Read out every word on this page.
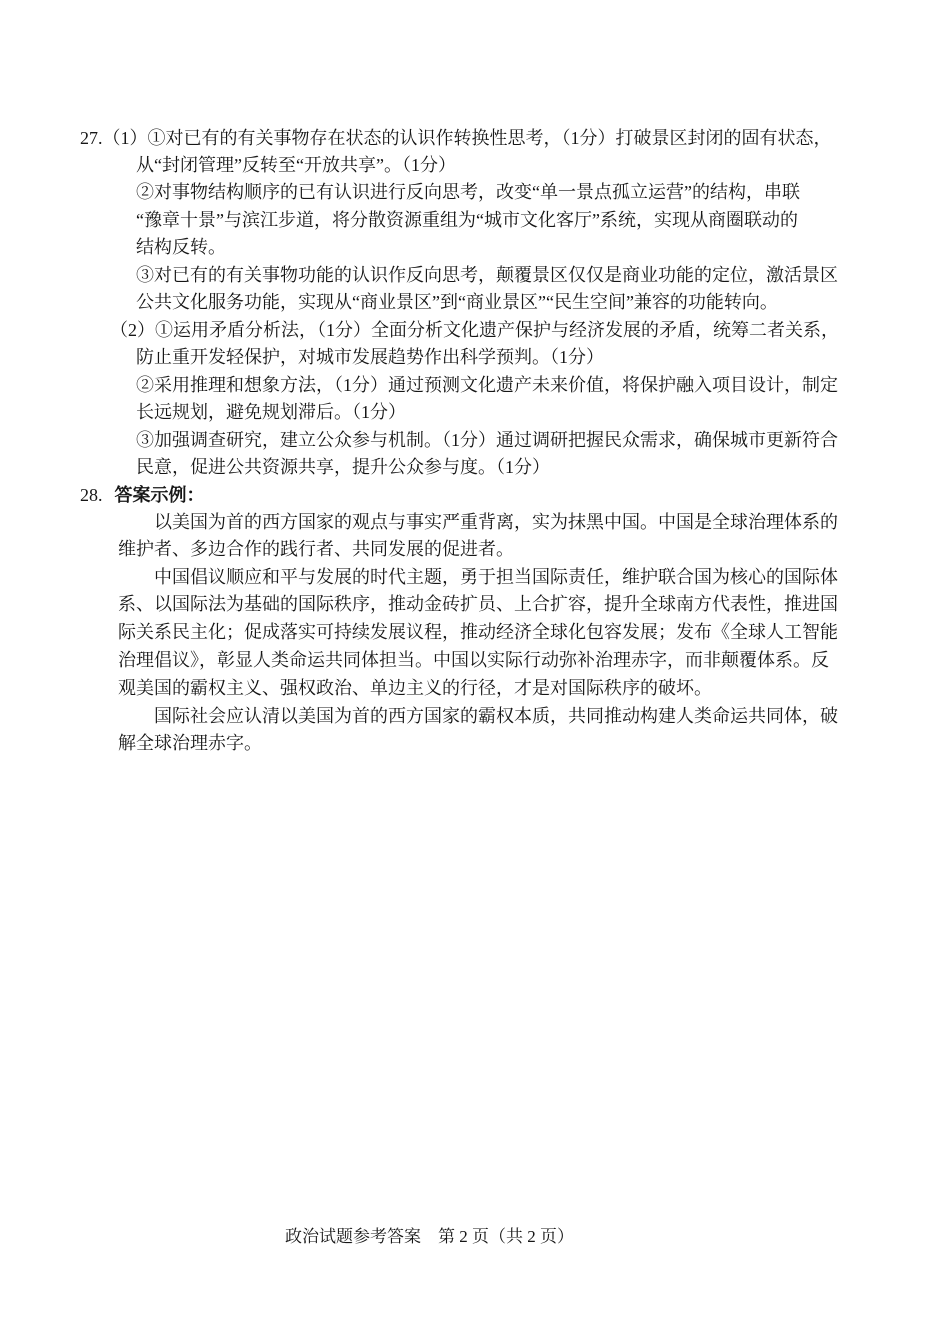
27.（1）①对已有的有关事物存在状态的认识作转换性思考，（1分）打破景区封闭的固有状态，
从“封闭管理”反转至“开放共享”。（1分）
②对事物结构顺序的已有认识进行反向思考，改变“单一景点孤立运营”的结构，串联
“豫章十景”与滨江步道，将分散资源重组为“城市文化客厅”系统，实现从商圈联动的
结构反转。
③对已有的有关事物功能的认识作反向思考，颠覆景区仅仅是商业功能的定位，激活景区
公共文化服务功能，实现从“商业景区”到“商业景区”“民生空间”兼容的功能转向。
（2）①运用矛盾分析法，（1分）全面分析文化遗产保护与经济发展的矛盾，统筹二者关系，
防止重开发轻保护，对城市发展趋势作出科学预判。（1分）
②采用推理和想象方法，（1分）通过预测文化遗产未来价值，将保护融入项目设计，制定
长远规划，避免规划滞后。（1分）
③加强调查研究，建立公众参与机制。（1分）通过调研把握民众需求，确保城市更新符合
民意，促进公共资源共享，提升公众参与度。（1分）
28. 答案示例：
以美国为首的西方国家的观点与事实严重背离，实为抹黑中国。中国是全球治理体系的
维护者、多边合作的践行者、共同发展的促进者。
中国倡议顺应和平与发展的时代主题，勇于担当国际责任，维护联合国为核心的国际体
系、以国际法为基础的国际秩序，推动金砖扩员、上合扩容，提升全球南方代表性，推进国
际关系民主化；促成落实可持续发展议程，推动经济全球化包容发展；发布《全球人工智能
治理倡议》，彰显人类命运共同体担当。中国以实际行动弥补治理赤字，而非颠覆体系。反
观美国的霸权主义、强权政治、单边主义的行径，才是对国际秩序的破坏。
国际社会应认清以美国为首的西方国家的霸权本质，共同推动构建人类命运共同体，破
解全球治理赤字。
政治试题参考答案　第 2 页（共 2 页）
